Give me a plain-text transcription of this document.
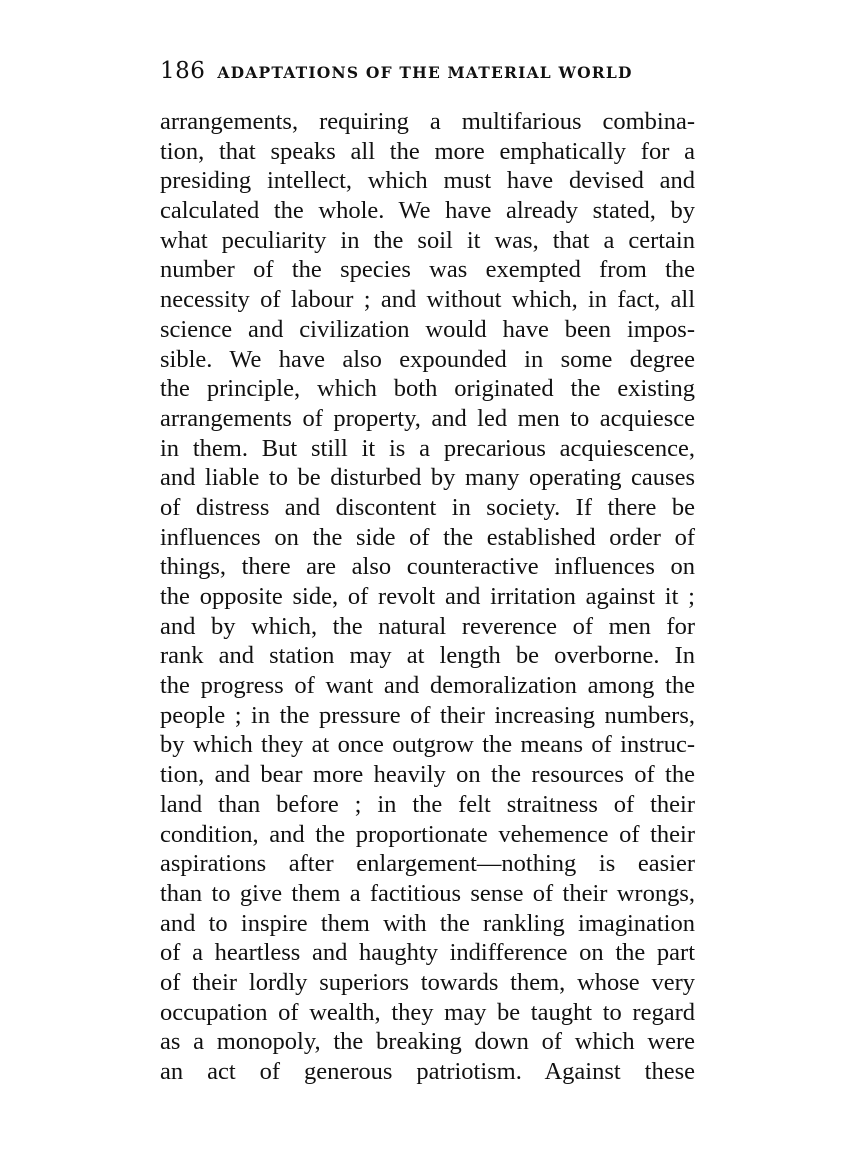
186 ADAPTATIONS OF THE MATERIAL WORLD
arrangements, requiring a multifarious combina-
tion, that speaks all the more emphatically for a
presiding intellect, which must have devised and
calculated the whole. We have already stated, by
what peculiarity in the soil it was, that a certain
number of the species was exempted from the
necessity of labour ; and without which, in fact, all
science and civilization would have been impos-
sible. We have also expounded in some degree
the principle, which both originated the existing
arrangements of property, and led men to acquiesce
in them. But still it is a precarious acquiescence,
and liable to be disturbed by many operating causes
of distress and discontent in society. If there be
influences on the side of the established order of
things, there are also counteractive influences on
the opposite side, of revolt and irritation against it ;
and by which, the natural reverence of men for
rank and station may at length be overborne. In
the progress of want and demoralization among the
people ; in the pressure of their increasing numbers,
by which they at once outgrow the means of instruc-
tion, and bear more heavily on the resources of the
land than before ; in the felt straitness of their
condition, and the proportionate vehemence of their
aspirations after enlargement—nothing is easier
than to give them a factitious sense of their wrongs,
and to inspire them with the rankling imagination
of a heartless and haughty indifference on the part
of their lordly superiors towards them, whose very
occupation of wealth, they may be taught to regard
as a monopoly, the breaking down of which were
an act of generous patriotism. Against these
